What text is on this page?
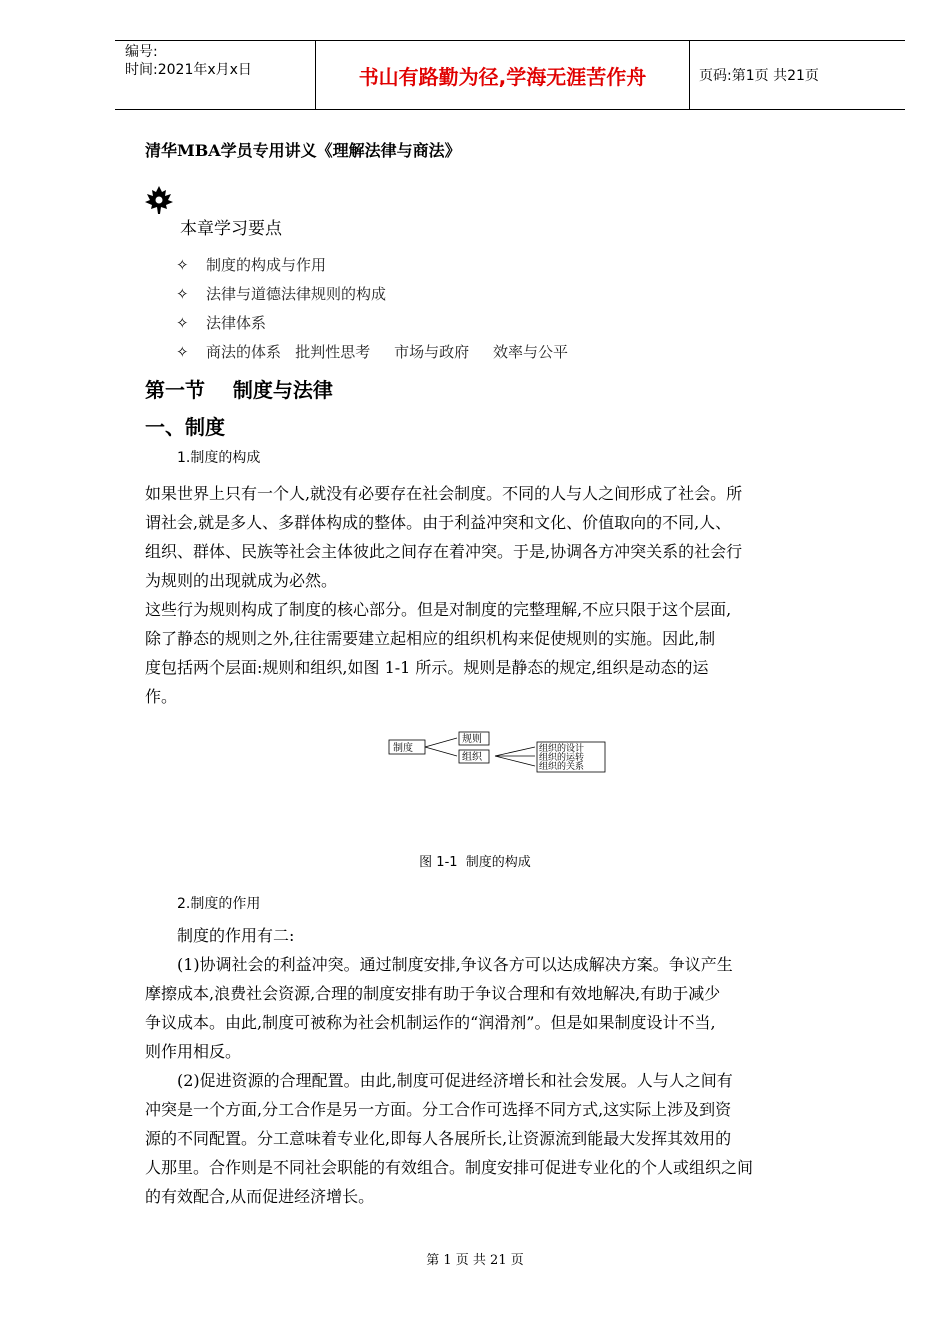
编号:
时间:2021年x月x日	书山有路勤为径,学海无涯苦作舟	页码:第1页 共21页
清华MBA学员专用讲义《理解法律与商法》
本章学习要点
✧ 制度的构成与作用
✧ 法律与道德法律规则的构成
✧ 法律体系
✧ 商法的体系   批判性思考     市场与政府     效率与公平
第一节    制度与法律
一、制度
1.制度的构成
如果世界上只有一个人,就没有必要存在社会制度。不同的人与人之间形成了社会。所
谓社会,就是多人、多群体构成的整体。由于利益冲突和文化、价值取向的不同,人、
组织、群体、民族等社会主体彼此之间存在着冲突。于是,协调各方冲突关系的社会行
为规则的出现就成为必然。
这些行为规则构成了制度的核心部分。但是对制度的完整理解,不应只限于这个层面,
除了静态的规则之外,往往需要建立起相应的组织机构来促使规则的实施。因此,制
度包括两个层面:规则和组织,如图 1-1 所示。规则是静态的规定,组织是动态的运
作。
制度
规则
组织
组织的设计
组织的运转
组织的关系
图 1-1  制度的构成
2.制度的作用
制度的作用有二:
(1)协调社会的利益冲突。通过制度安排,争议各方可以达成解决方案。争议产生
摩擦成本,浪费社会资源,合理的制度安排有助于争议合理和有效地解决,有助于减少
争议成本。由此,制度可被称为社会机制运作的“润滑剂”。但是如果制度设计不当,
则作用相反。
(2)促进资源的合理配置。由此,制度可促进经济增长和社会发展。人与人之间有
冲突是一个方面,分工合作是另一方面。分工合作可选择不同方式,这实际上涉及到资
源的不同配置。分工意味着专业化,即每人各展所长,让资源流到能最大发挥其效用的
人那里。合作则是不同社会职能的有效组合。制度安排可促进专业化的个人或组织之间
的有效配合,从而促进经济增长。
第 1 页 共 21 页
